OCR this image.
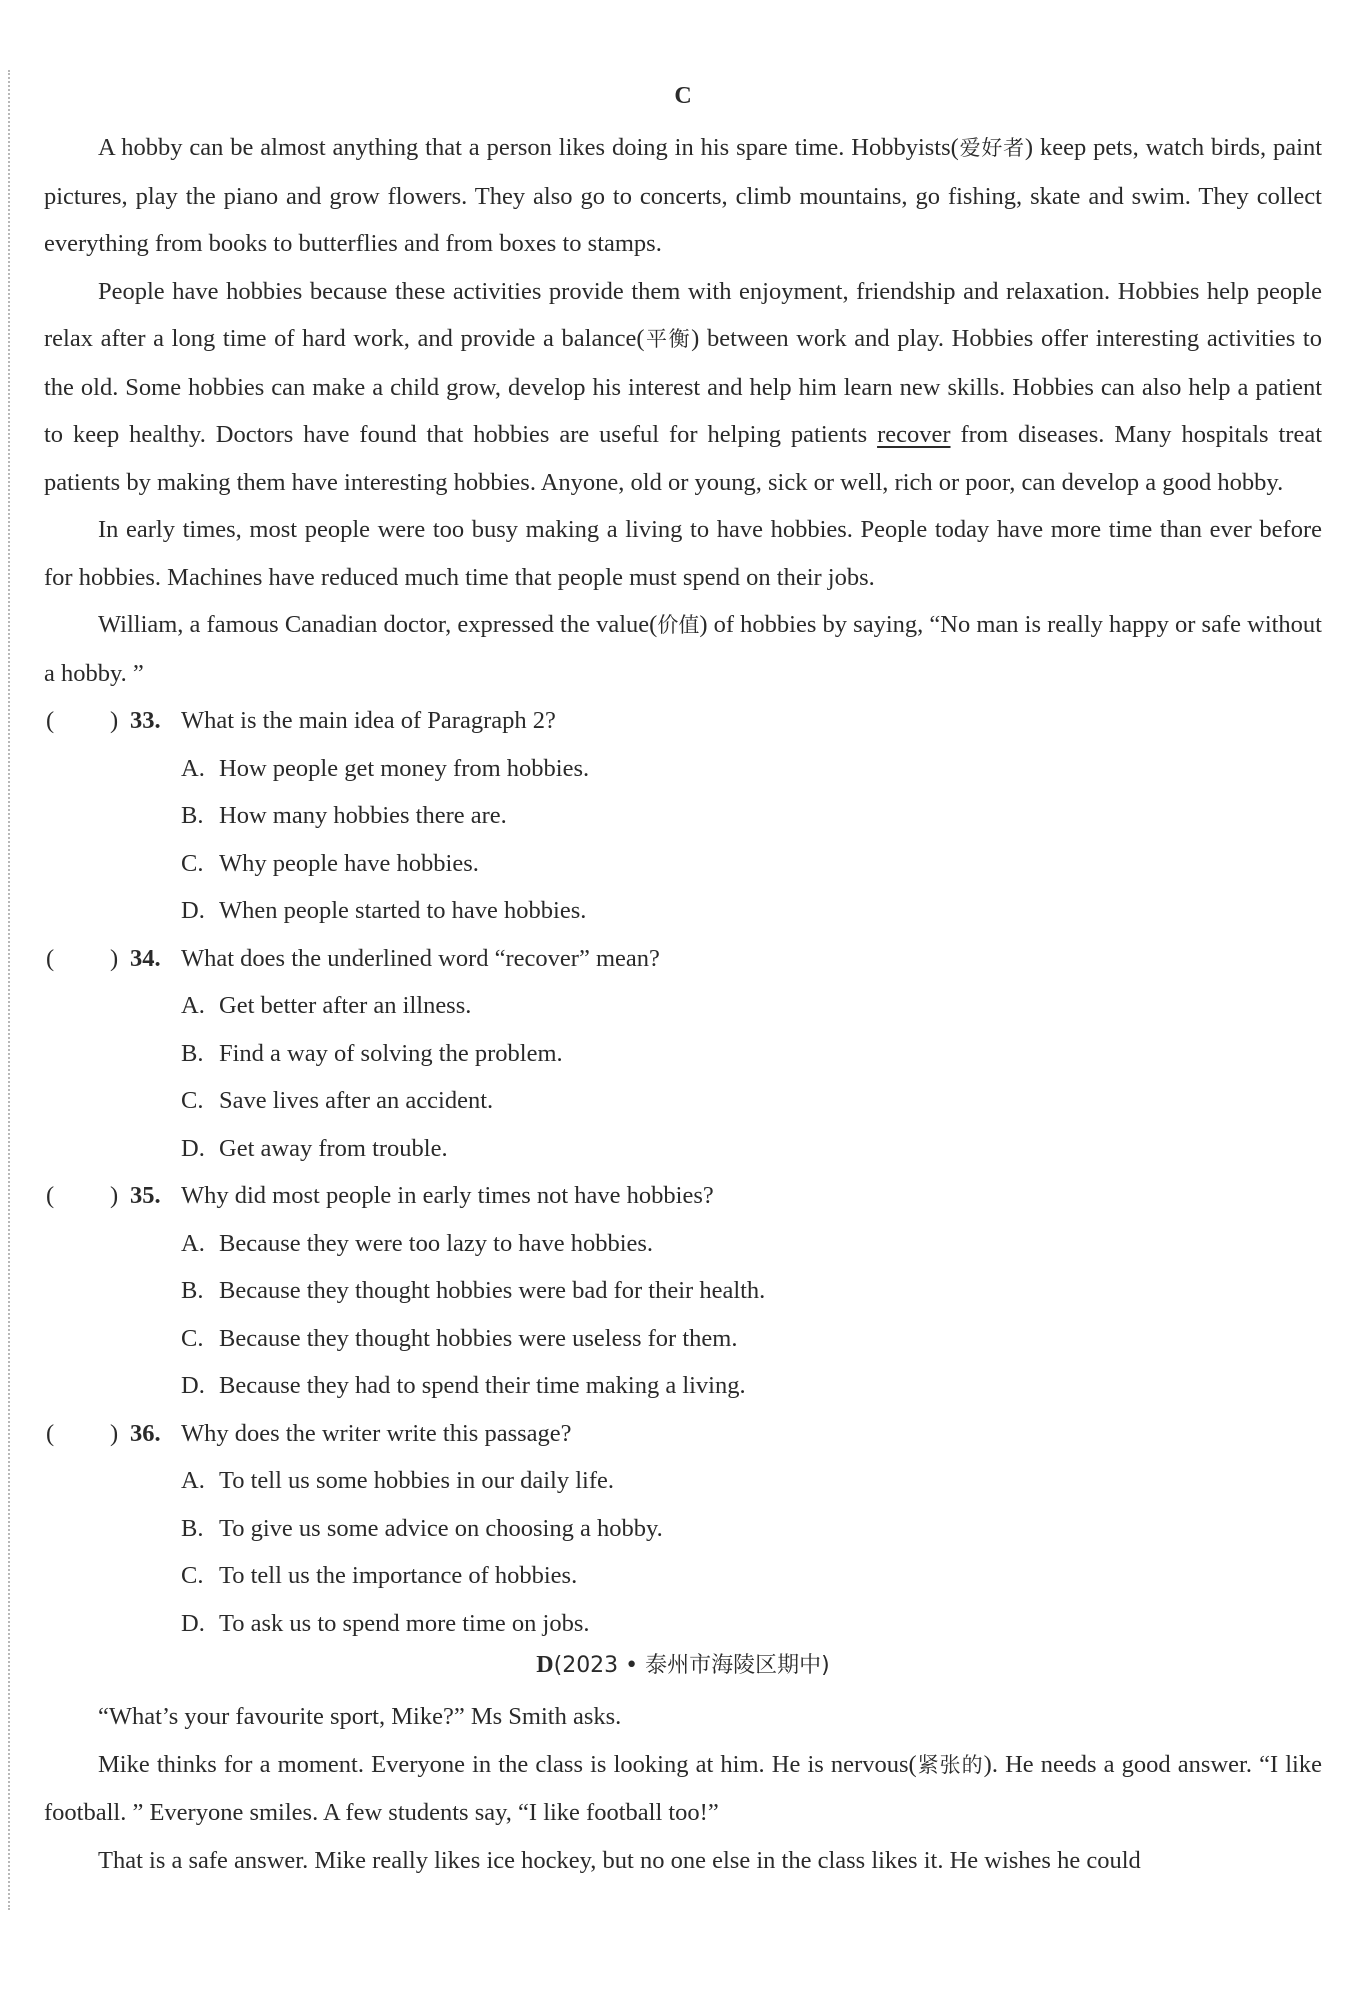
C

A hobby can be almost anything that a person likes doing in his spare time. Hobbyists(爱好者) keep pets, watch birds, paint pictures, play the piano and grow flowers. They also go to concerts, climb mountains, go fishing, skate and swim. They collect everything from books to butterflies and from boxes to stamps.

People have hobbies because these activities provide them with enjoyment, friendship and relaxation. Hobbies help people relax after a long time of hard work, and provide a balance(平衡) between work and play. Hobbies offer interesting activities to the old. Some hobbies can make a child grow, develop his interest and help him learn new skills. Hobbies can also help a patient to keep healthy. Doctors have found that hobbies are useful for helping patients recover from diseases. Many hospitals treat patients by making them have interesting hobbies. Anyone, old or young, sick or well, rich or poor, can develop a good hobby.

In early times, most people were too busy making a living to have hobbies. People today have more time than ever before for hobbies. Machines have reduced much time that people must spend on their jobs.

William, a famous Canadian doctor, expressed the value(价值) of hobbies by saying, “No man is really happy or safe without a hobby. ”

( ) 33. What is the main idea of Paragraph 2?
A. How people get money from hobbies.
B. How many hobbies there are.
C. Why people have hobbies.
D. When people started to have hobbies.
( ) 34. What does the underlined word “recover” mean?
A. Get better after an illness.
B. Find a way of solving the problem.
C. Save lives after an accident.
D. Get away from trouble.
( ) 35. Why did most people in early times not have hobbies?
A. Because they were too lazy to have hobbies.
B. Because they thought hobbies were bad for their health.
C. Because they thought hobbies were useless for them.
D. Because they had to spend their time making a living.
( ) 36. Why does the writer write this passage?
A. To tell us some hobbies in our daily life.
B. To give us some advice on choosing a hobby.
C. To tell us the importance of hobbies.
D. To ask us to spend more time on jobs.
D(2023 • 泰州市海陵区期中)

“What’s your favourite sport, Mike?” Ms Smith asks.

Mike thinks for a moment. Everyone in the class is looking at him. He is nervous(紧张的). He needs a good answer. “I like football. ” Everyone smiles. A few students say, “I like football too!”

That is a safe answer. Mike really likes ice hockey, but no one else in the class likes it. He wishes he could
